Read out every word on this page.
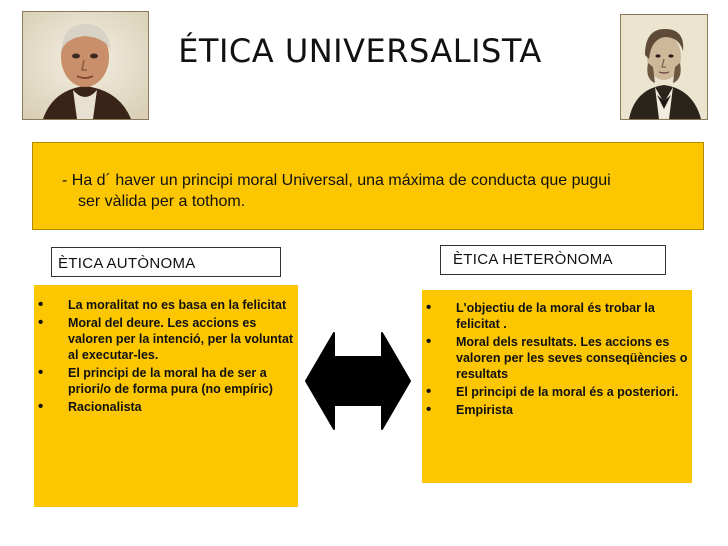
ÉTICA UNIVERSALISTA
- Ha d´ haver un principi moral Universal, una máxima de conducta que pugui
ser vàlida per a tothom.
ÈTICA AUTÒNOMA	ÈTICA HETERÒNOMA
• La moralitat no es basa en la felicitat
• Moral del deure. Les accions es valoren per la intenció, per la voluntat al executar-les.
• El principi de la moral ha de ser a priori/o de forma pura (no empíric)
• Racionalista
• L'objectiu de la moral és trobar la felicitat .
• Moral dels resultats. Les accions es valoren per les seves conseqüències o resultats
• El principi de la moral és a posteriori.
• Empirista
